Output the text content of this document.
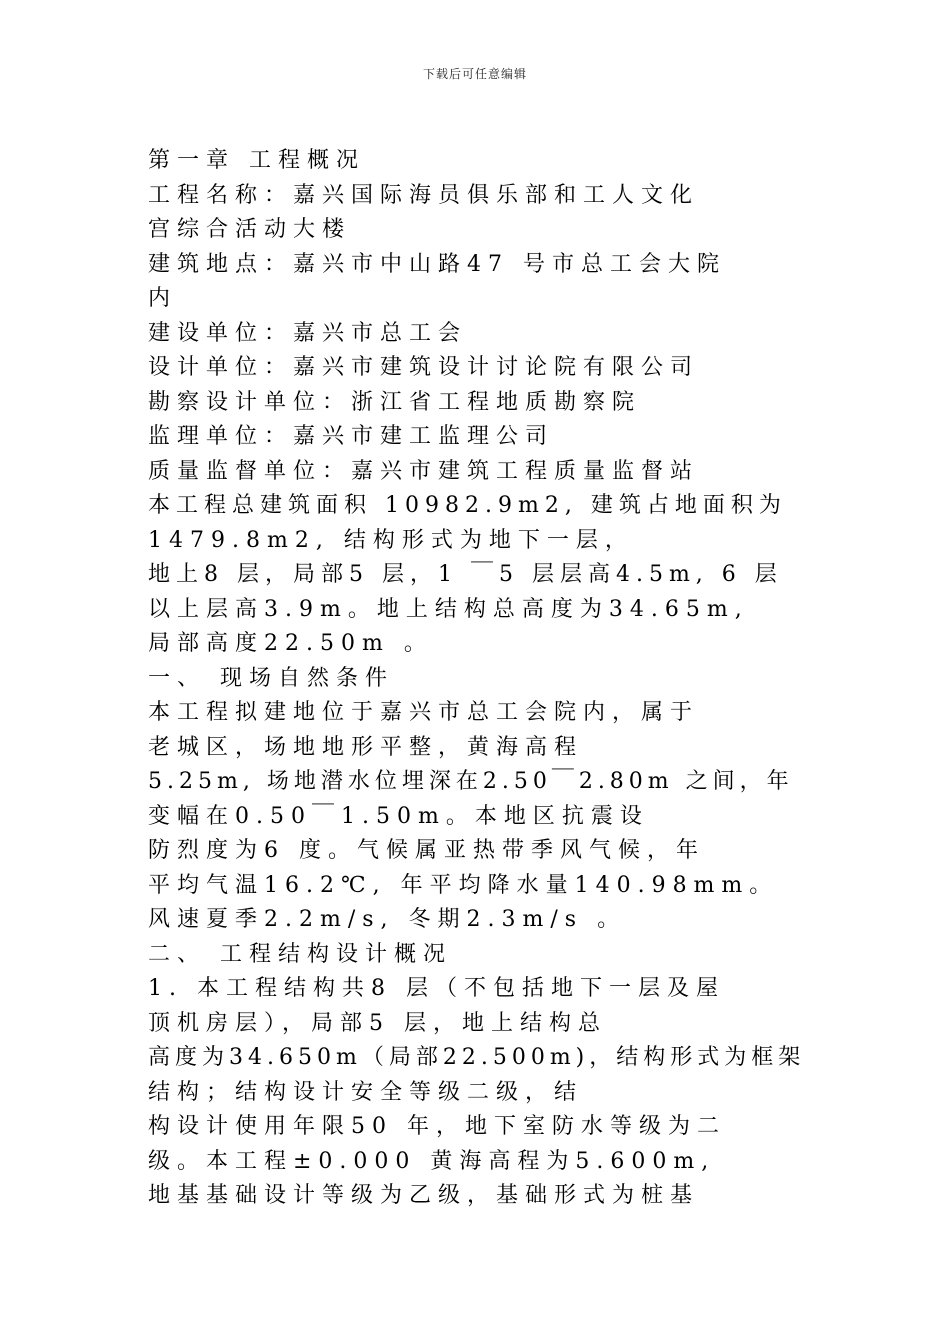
下载后可任意编辑
第一章 工程概况
工程名称：嘉兴国际海员俱乐部和工人文化
宫综合活动大楼
建筑地点：嘉兴市中山路47 号市总工会大院
内
建设单位：嘉兴市总工会
设计单位：嘉兴市建筑设计讨论院有限公司
勘察设计单位：浙江省工程地质勘察院
监理单位：嘉兴市建工监理公司
质量监督单位：嘉兴市建筑工程质量监督站
本工程总建筑面积 10982.9m2, 建筑占地面积为
1479.8m2, 结构形式为地下一层，
地上8 层，局部5 层，1 ￣5 层层高4.5m, 6 层
以上层高3.9m。地上结构总高度为34.65m,
局部高度22.50m 。
一、 现场自然条件
本工程拟建地位于嘉兴市总工会院内，属于
老城区，场地地形平整，黄海高程
5.25m, 场地潜水位埋深在2.50￣2.80m 之间，年
变幅在0.50￣1.50m。本地区抗震设
防烈度为6 度。气候属亚热带季风气候，年
平均气温16.2℃, 年平均降水量140.98mm。
风速夏季2.2m/s, 冬期2.3m/s 。
二、 工程结构设计概况
1. 本工程结构共8 层（不包括地下一层及屋
顶机房层），局部5 层，地上结构总
高度为34.650m（局部22.500m)，结构形式为框架
结构；结构设计安全等级二级，结
构设计使用年限50 年，地下室防水等级为二
级。本工程±0.000 黄海高程为5.600m,
地基基础设计等级为乙级，基础形式为桩基
